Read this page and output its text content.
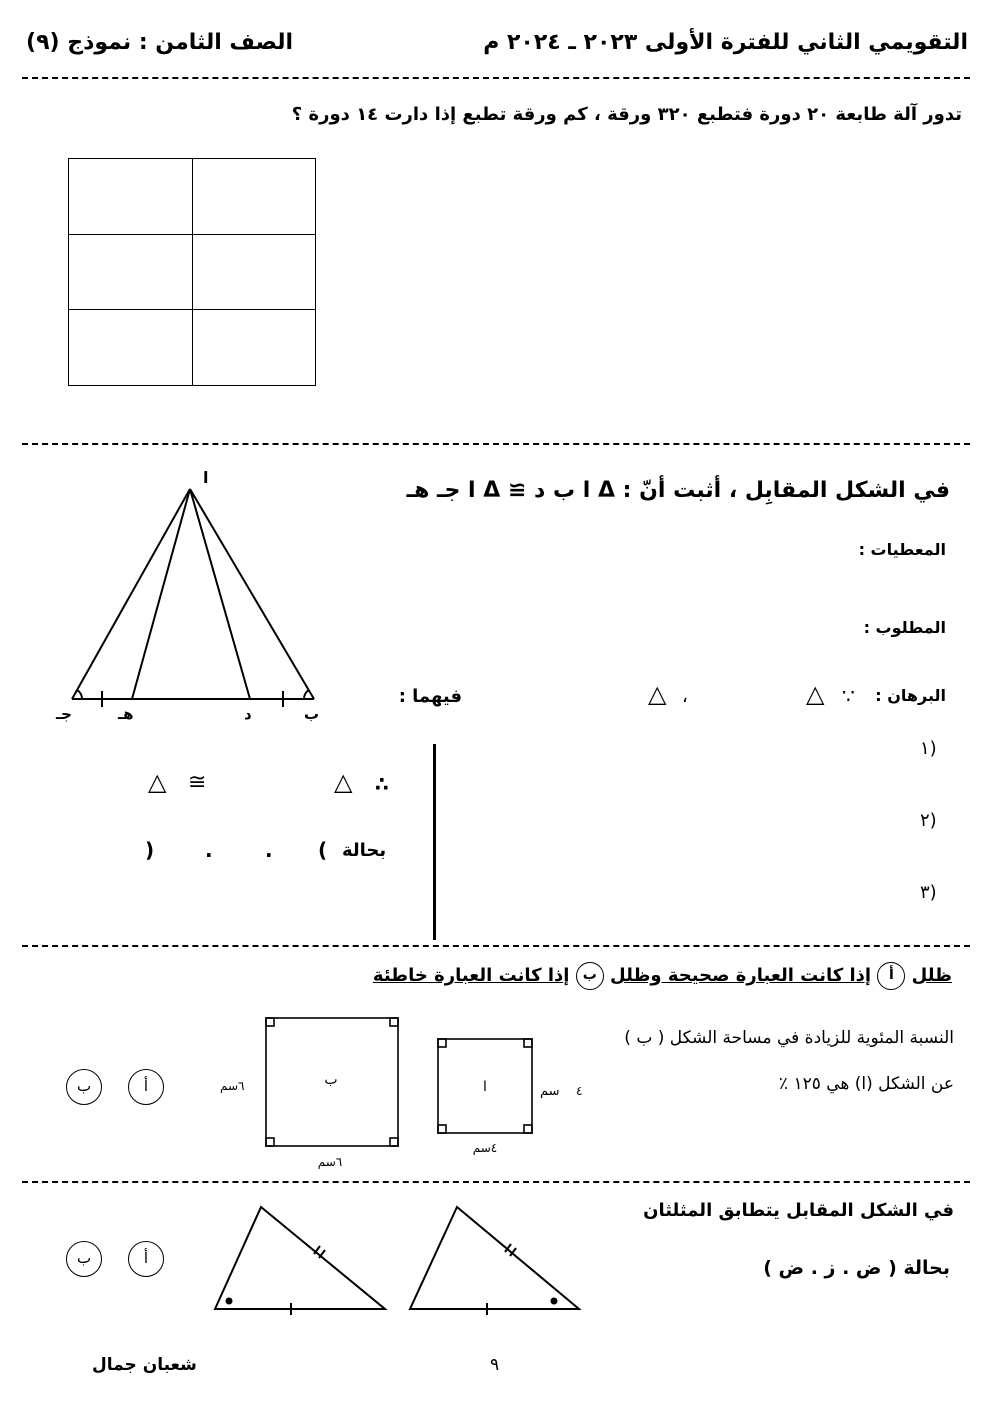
التقويمي الثاني للفترة الأولى ٢٠٢٣ ـ ٢٠٢٤ م
الصف الثامن : نموذج (٩)
تدور آلة طابعة ٢٠ دورة فتطبع ٣٢٠ ورقة ، كم ورقة تطبع إذا دارت ١٤ دورة ؟

في الشكل المقابِل ، أثبت أنّ : Δ ا ب د ≅ Δ ا جـ هـ
المعطيات :
المطلوب :
البرهان :
∵
△
،
△
فيهما :
١)
٢)
٣)
∴
△
≅
△
بحالة
(
.
.
)
ا
ب
د
هـ
جـ
ظلل أ إذا كانت العبارة صحيحة وظلل ب إذا كانت العبارة خاطئة
النسبة المئوية للزيادة في مساحة الشكل ( ب )
عن الشكل (ا) هي ١٢٥ ٪
أ
ب	ا
ب
٤
سم
٤سم
٦سم
٦سم
في الشكل المقابل يتطابق المثلثان
بحالة ( ض . ز . ض )
أ
ب
شعبان جمال	٩
